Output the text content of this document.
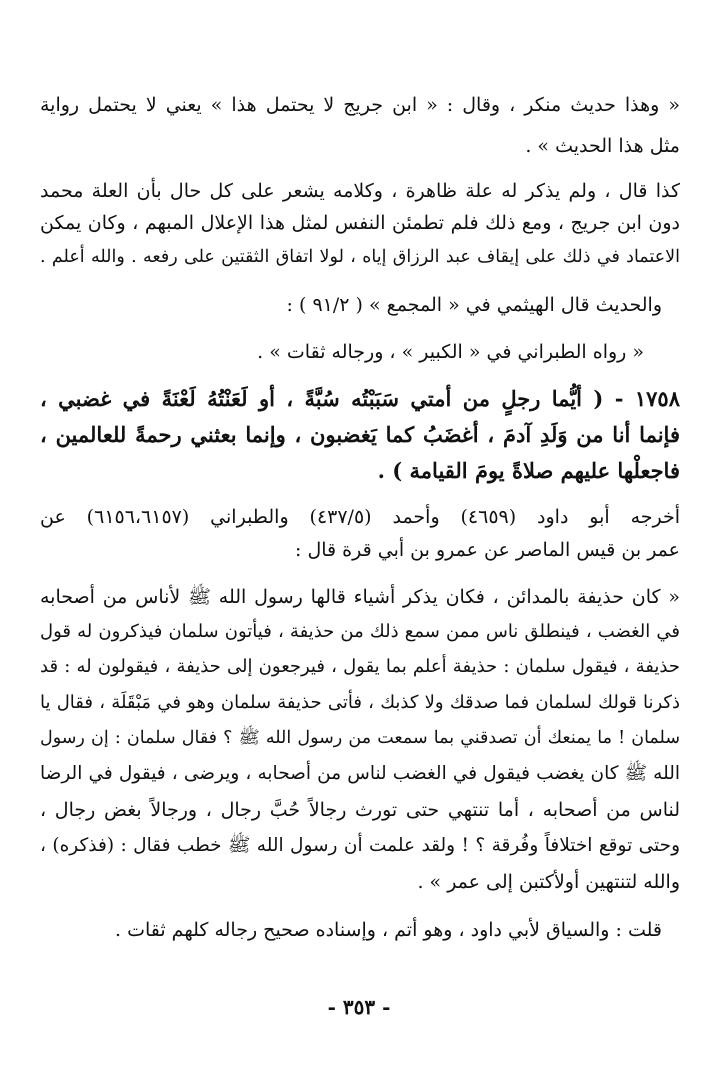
« وهذا حديث منكر ، وقال : « ابن جريج لا يحتمل هذا » يعني لا يحتمل رواية
مثل هذا الحديث » .
كذا قال ، ولم يذكر له علة ظاهرة ، وكلامه يشعر على كل حال بأن العلة محمد
دون ابن جريج ، ومع ذلك فلم تطمئن النفس لمثل هذا الإعلال المبهم ، وكان يمكن
الاعتماد في ذلك على إيقاف عبد الرزاق إياه ، لولا اتفاق الثقتين على رفعه . والله أعلم .
والحديث قال الهيثمي في « المجمع » ( ٩١/٢ ) :
« رواه الطبراني في « الكبير » ، ورجاله ثقات » .
١٧٥٨ - ( أيُّما رجلٍ من أمتي سَبَبْتُه سُبَّةً ، أو لَعَنْتُهُ لَعْنَةً في غضبي ،
فإنما أنا من وَلَدِ آدمَ ، أغضَبُ كما يَغضبون ، وإنما بعثني رحمةً للعالمين ،
فاجعلْها عليهم صلاةً يومَ القيامة ) .
أخرجه أبو داود (٤٦٥٩) وأحمد (٤٣٧/٥) والطبراني (٦١٥٦،٦١٥٧) عن
عمر بن قيس الماصر عن عمرو بن أبي قرة قال :
« كان حذيفة بالمدائن ، فكان يذكر أشياء قالها رسول الله ﷺ لأناس من أصحابه
في الغضب ، فينطلق ناس ممن سمع ذلك من حذيفة ، فيأتون سلمان فيذكرون له قول
حذيفة ، فيقول سلمان : حذيفة أعلم بما يقول ، فيرجعون إلى حذيفة ، فيقولون له : قد
ذكرنا قولك لسلمان فما صدقك ولا كذبك ، فأتى حذيفة سلمان وهو في مَبْقَلَة ، فقال يا
سلمان ! ما يمنعك أن تصدقني بما سمعت من رسول الله ﷺ ؟ فقال سلمان : إن رسول
الله ﷺ كان يغضب فيقول في الغضب لناس من أصحابه ، ويرضى ، فيقول في الرضا
لناس من أصحابه ، أما تنتهي حتى تورث رجالاً حُبَّ رجال ، ورجالاً بغض رجال ،
وحتى توقع اختلافاً وفُرقة ؟ ! ولقد علمت أن رسول الله ﷺ خطب فقال : (فذكره) ،
والله لتنتهين أولأكتبن إلى عمر » .
قلت : والسياق لأبي داود ، وهو أتم ، وإسناده صحيح رجاله كلهم ثقات .
- ٣٥٣ -
